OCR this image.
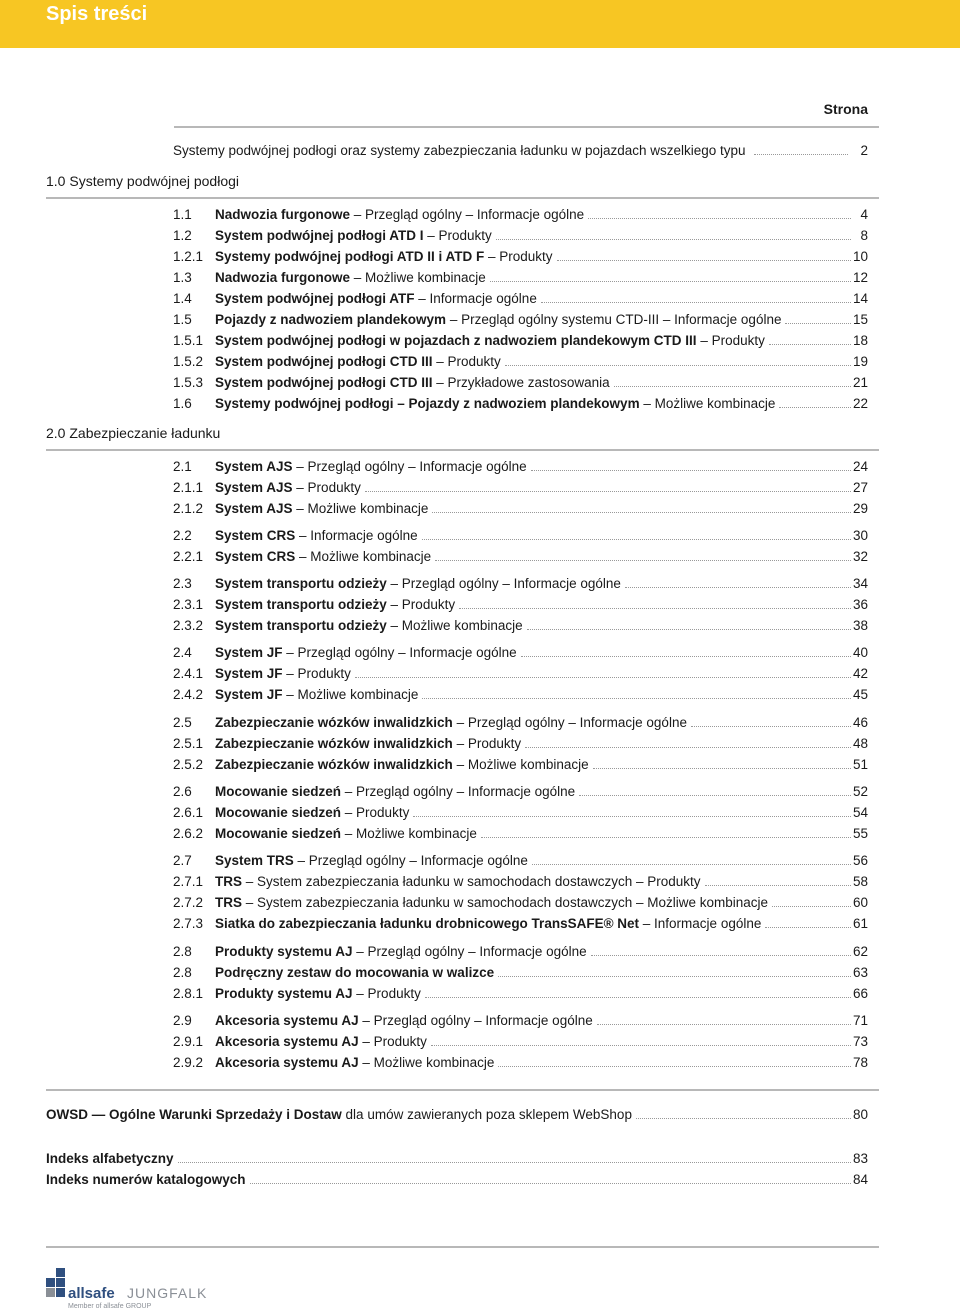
Spis treści
Strona
Systemy podwójnej podłogi oraz systemy zabezpieczania ładunku w pojazdach wszelkiego typu	2
1.0 Systemy podwójnej podłogi
2.0 Zabezpieczanie ładunku
1.1 Nadwozia furgonowe – Przegląd ogólny – Informacje ogólne	4
1.2 System podwójnej podłogi ATD I – Produkty	8
1.2.1 Systemy podwójnej podłogi ATD II i ATD F – Produkty	10
1.3 Nadwozia furgonowe – Możliwe kombinacje	12
1.4 System podwójnej podłogi ATF – Informacje ogólne	14
1.5 Pojazdy z nadwoziem plandekowym – Przegląd ogólny systemu CTD-III – Informacje ogólne	15
1.5.1 System podwójnej podłogi w pojazdach z nadwoziem plandekowym CTD III – Produkty	18
1.5.2 System podwójnej podłogi CTD III – Produkty	19
1.5.3 System podwójnej podłogi CTD III – Przykładowe zastosowania	21
1.6 Systemy podwójnej podłogi – Pojazdy z nadwoziem plandekowym – Możliwe kombinacje	22
2.1 System AJS – Przegląd ogólny – Informacje ogólne	24
2.1.1 System AJS – Produkty	27
2.1.2 System AJS – Możliwe kombinacje	29
2.2 System CRS – Informacje ogólne	30
2.2.1 System CRS – Możliwe kombinacje	32
2.3 System transportu odzieży – Przegląd ogólny – Informacje ogólne	34
2.3.1 System transportu odzieży – Produkty	36
2.3.2 System transportu odzieży – Możliwe kombinacje	38
2.4 System JF – Przegląd ogólny – Informacje ogólne	40
2.4.1 System JF – Produkty	42
2.4.2 System JF – Możliwe kombinacje	45
2.5 Zabezpieczanie wózków inwalidzkich – Przegląd ogólny – Informacje ogólne	46
2.5.1 Zabezpieczanie wózków inwalidzkich – Produkty	48
2.5.2 Zabezpieczanie wózków inwalidzkich – Możliwe kombinacje	51
2.6 Mocowanie siedzeń – Przegląd ogólny – Informacje ogólne	52
2.6.1 Mocowanie siedzeń – Produkty	54
2.6.2 Mocowanie siedzeń – Możliwe kombinacje	55
2.7 System TRS – Przegląd ogólny – Informacje ogólne	56
2.7.1 TRS – System zabezpieczania ładunku w samochodach dostawczych – Produkty	58
2.7.2 TRS – System zabezpieczania ładunku w samochodach dostawczych – Możliwe kombinacje	60
2.7.3 Siatka do zabezpieczania ładunku drobnicowego TransSAFE® Net – Informacje ogólne	61
2.8 Produkty systemu AJ – Przegląd ogólny – Informacje ogólne	62
2.8 Podręczny zestaw do mocowania w walizce	63
2.8.1 Produkty systemu AJ – Produkty	66
2.9 Akcesoria systemu AJ – Przegląd ogólny – Informacje ogólne	71
2.9.1 Akcesoria systemu AJ – Produkty	73
2.9.2 Akcesoria systemu AJ – Możliwe kombinacje	78
OWSD — Ogólne Warunki Sprzedaży i Dostaw dla umów zawieranych poza sklepem WebShop	80
Indeks alfabetyczny	83
Indeks numerów katalogowych	84
allsafe JUNGFALK
Member of allsafe GROUP
